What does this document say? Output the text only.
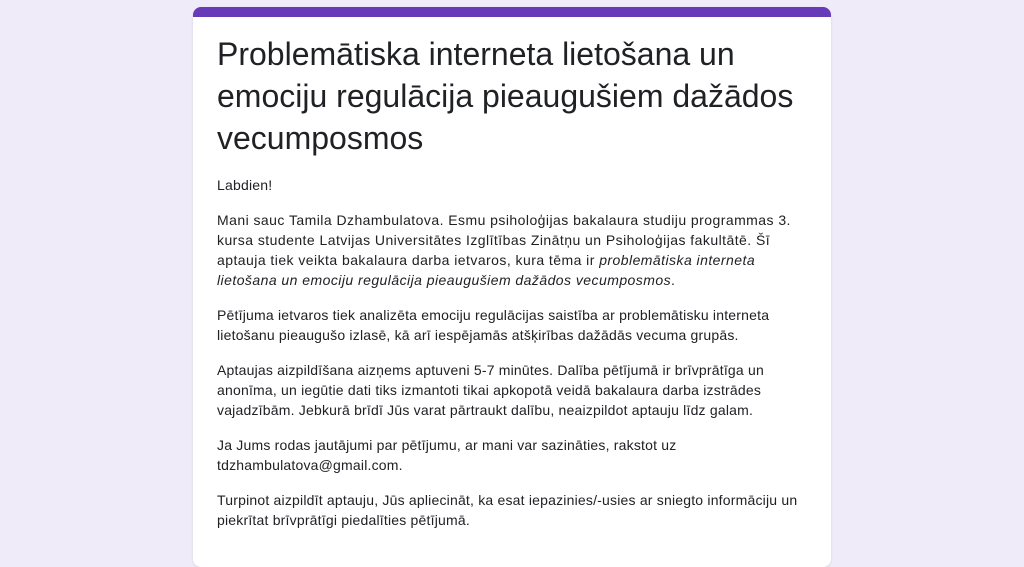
Problemātiska interneta lietošana un emociju regulācija pieaugušiem dažādos vecumposmos

Labdien!

Mani sauc Tamila Dzhambulatova. Esmu psiholoģijas bakalaura studiju programmas 3. kursa studente Latvijas Universitātes Izglītības Zinātņu un Psiholoģijas fakultātē. Šī aptauja tiek veikta bakalaura darba ietvaros, kura tēma ir problemātiska interneta lietošana un emociju regulācija pieaugušiem dažādos vecumposmos.

Pētījuma ietvaros tiek analizēta emociju regulācijas saistība ar problemātisku interneta lietošanu pieaugušo izlasē, kā arī iespējamās atšķirības dažādās vecuma grupās.

Aptaujas aizpildīšana aizņems aptuveni 5-7 minūtes. Dalība pētījumā ir brīvprātīga un anonīma, un iegūtie dati tiks izmantoti tikai apkopotā veidā bakalaura darba izstrādes vajadzībām. Jebkurā brīdī Jūs varat pārtraukt dalību, neaizpildot aptauju līdz galam.

Ja Jums rodas jautājumi par pētījumu, ar mani var sazināties, rakstot uz tdzhambulatova@gmail.com.

Turpinot aizpildīt aptauju, Jūs apliecināt, ka esat iepazinies/-usies ar sniegto informāciju un piekrītat brīvprātīgi piedalīties pētījumā.
